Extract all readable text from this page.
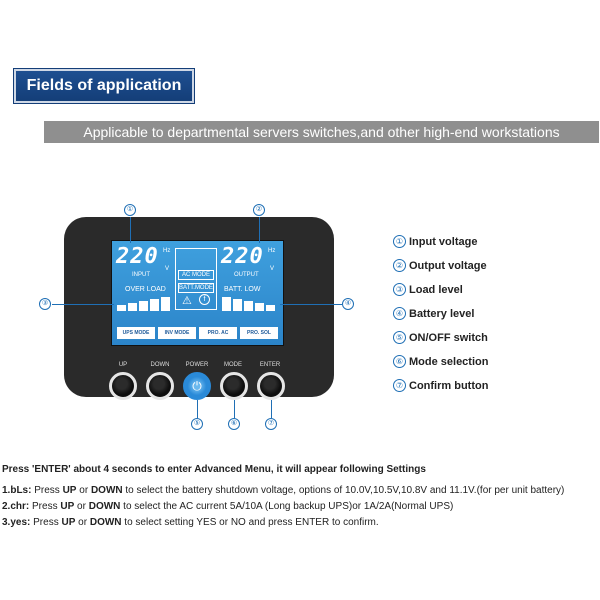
Fields of application
Applicable to departmental servers switches,and other high-end workstations
220 Hz
V
INPUT	AC MODE
BATT.MODE
⚠	f
220 Hz
V
OUTPUT
OVER LOAD	BATT. LOW
UPS MODE	INV MODE	PRO. AC	PRO. SOL
UP	DOWN	POWER	MODE	ENTER
⏻
①	②
③	④
⑤	⑥	⑦
① Input voltage
② Output voltage
③ Load level
④ Battery level
⑤ ON/OFF switch
⑥ Mode selection
⑦ Confirm button
Press 'ENTER' about 4 seconds to enter Advanced Menu, it will appear following Settings
1.bLs: Press UP or DOWN to select the battery shutdown voltage, options of 10.0V,10.5V,10.8V and 11.1V.(for per unit battery)
2.chr: Press UP or DOWN to select the AC current 5A/10A (Long backup UPS)or 1A/2A(Normal UPS)
3.yes: Press UP or DOWN to select setting YES or NO and press ENTER to confirm.
